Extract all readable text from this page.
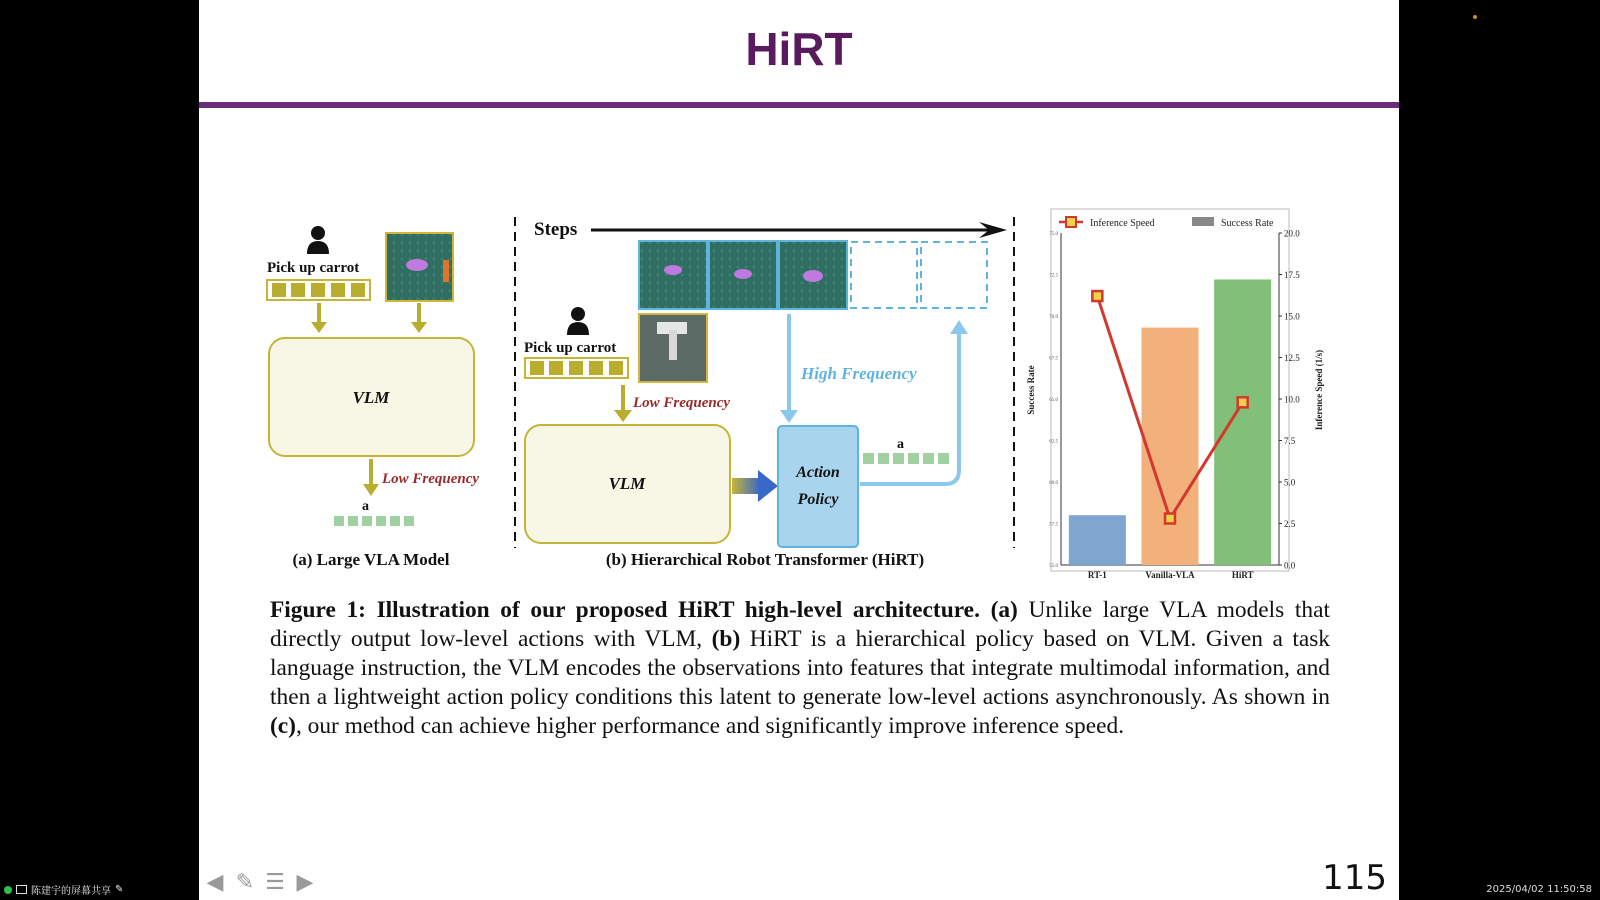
HiRT
Pick up carrot
VLM
Low Frequency
a⃗
(a) Large VLA Model
Steps
Pick up carrot
Low Frequency
VLM
High Frequency
Action
Policy
a⃗
(b) Hierarchical Robot Transformer (HiRT)
Inference Speed	Success Rate
Success Rate	Inference Speed (1/s)
55.0
57.5
60.0
62.5
65.0
67.5
70.0
72.5
75.0
0.0
2.5
5.0
7.5
10.0
12.5
15.0
17.5
20.0
RT-1	Vanilla-VLA	HiRT
Figure 1: Illustration of our proposed HiRT high-level architecture. (a) Unlike large VLA models that directly output low-level actions with VLM, (b) HiRT is a hierarchical policy based on VLM. Given a task language instruction, the VLM encodes the observations into features that integrate multimodal information, and then a lightweight action policy conditions this latent to generate low-level actions asynchronously. As shown in (c), our method can achieve higher performance and significantly improve inference speed.
115
◀ ✎ ☰ ▶
陈建宇的屏幕共享 ✎	2025/04/02 11:50:58
